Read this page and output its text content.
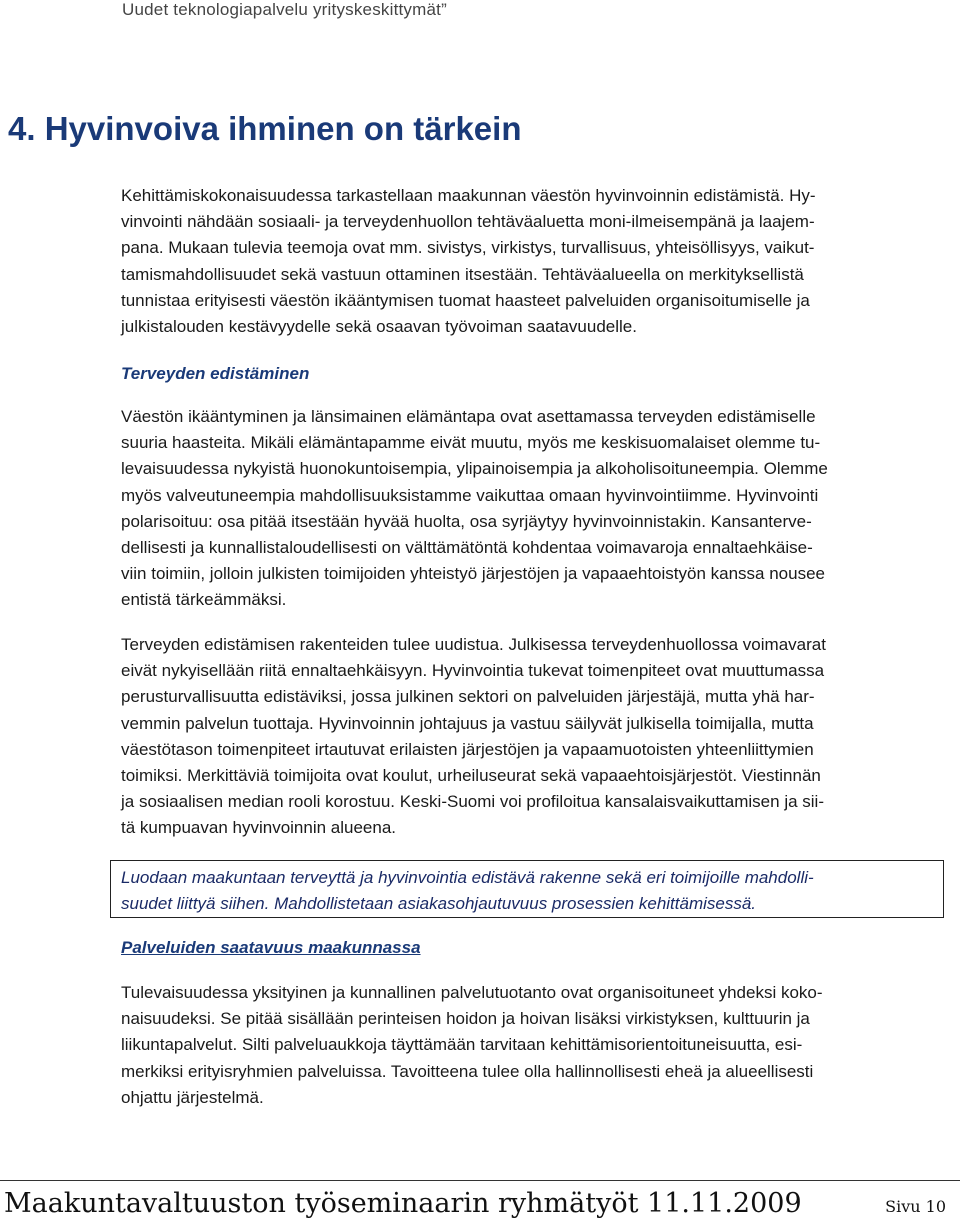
Uudet teknologiapalvelu yrityskeskittymät”
4. Hyvinvoiva ihminen on tärkein

Kehittämiskokonaisuudessa tarkastellaan maakunnan väestön hyvinvoinnin edistämistä. Hy-

vinvointi nähdään sosiaali- ja terveydenhuollon tehtäväaluetta moni-ilmeisempänä ja laajem-

pana. Mukaan tulevia teemoja ovat mm. sivistys, virkistys, turvallisuus, yhteisöllisyys, vaikut-

tamismahdollisuudet sekä vastuun ottaminen itsestään. Tehtäväalueella on merkityksellistä

tunnistaa erityisesti väestön ikääntymisen tuomat haasteet palveluiden organisoitumiselle ja

julkistalouden kestävyydelle sekä osaavan työvoiman saatavuudelle.

Terveyden edistäminen

Väestön ikääntyminen ja länsimainen elämäntapa ovat asettamassa terveyden edistämiselle

suuria haasteita. Mikäli elämäntapamme eivät muutu, myös me keskisuomalaiset olemme tu-

levaisuudessa nykyistä huonokuntoisempia, ylipainoisempia ja alkoholisoituneempia. Olemme

myös valveutuneempia mahdollisuuksistamme vaikuttaa omaan hyvinvointiimme. Hyvinvointi

polarisoituu: osa pitää itsestään hyvää huolta, osa syrjäytyy hyvinvoinnistakin. Kansanterve-

dellisesti ja kunnallistaloudellisesti on välttämätöntä kohdentaa voimavaroja ennaltaehkäise-

viin toimiin, jolloin julkisten toimijoiden yhteistyö järjestöjen ja vapaaehtoistyön kanssa nousee

entistä tärkeämmäksi.

Terveyden edistämisen rakenteiden tulee uudistua. Julkisessa terveydenhuollossa voimavarat

eivät nykyisellään riitä ennaltaehkäisyyn. Hyvinvointia tukevat toimenpiteet ovat muuttumassa

perusturvallisuutta edistäviksi, jossa julkinen sektori on palveluiden järjestäjä, mutta yhä har-

vemmin palvelun tuottaja. Hyvinvoinnin johtajuus ja vastuu säilyvät julkisella toimijalla, mutta

väestötason toimenpiteet irtautuvat erilaisten järjestöjen ja vapaamuotoisten yhteenliittymien

toimiksi. Merkittäviä toimijoita ovat koulut, urheiluseurat sekä vapaaehtoisjärjestöt. Viestinnän

ja sosiaalisen median rooli korostuu. Keski-Suomi voi profiloitua kansalaisvaikuttamisen ja sii-

tä kumpuavan hyvinvoinnin alueena.

Luodaan maakuntaan terveyttä ja hyvinvointia edistävä rakenne sekä eri toimijoille mahdolli-
suudet liittyä siihen. Mahdollistetaan asiakasohjautuvuus prosessien kehittämisessä.
Palveluiden saatavuus maakunnassa

Tulevaisuudessa yksityinen ja kunnallinen palvelutuotanto ovat organisoituneet yhdeksi koko-

naisuudeksi. Se pitää sisällään perinteisen hoidon ja hoivan lisäksi virkistyksen, kulttuurin ja

liikuntapalvelut. Silti palveluaukkoja täyttämään tarvitaan kehittämisorientoituneisuutta, esi-

merkiksi erityisryhmien palveluissa. Tavoitteena tulee olla hallinnollisesti eheä ja alueellisesti

ohjattu järjestelmä.

Maakuntavaltuuston työseminaarin ryhmätyöt 11.11.2009	Sivu 10
